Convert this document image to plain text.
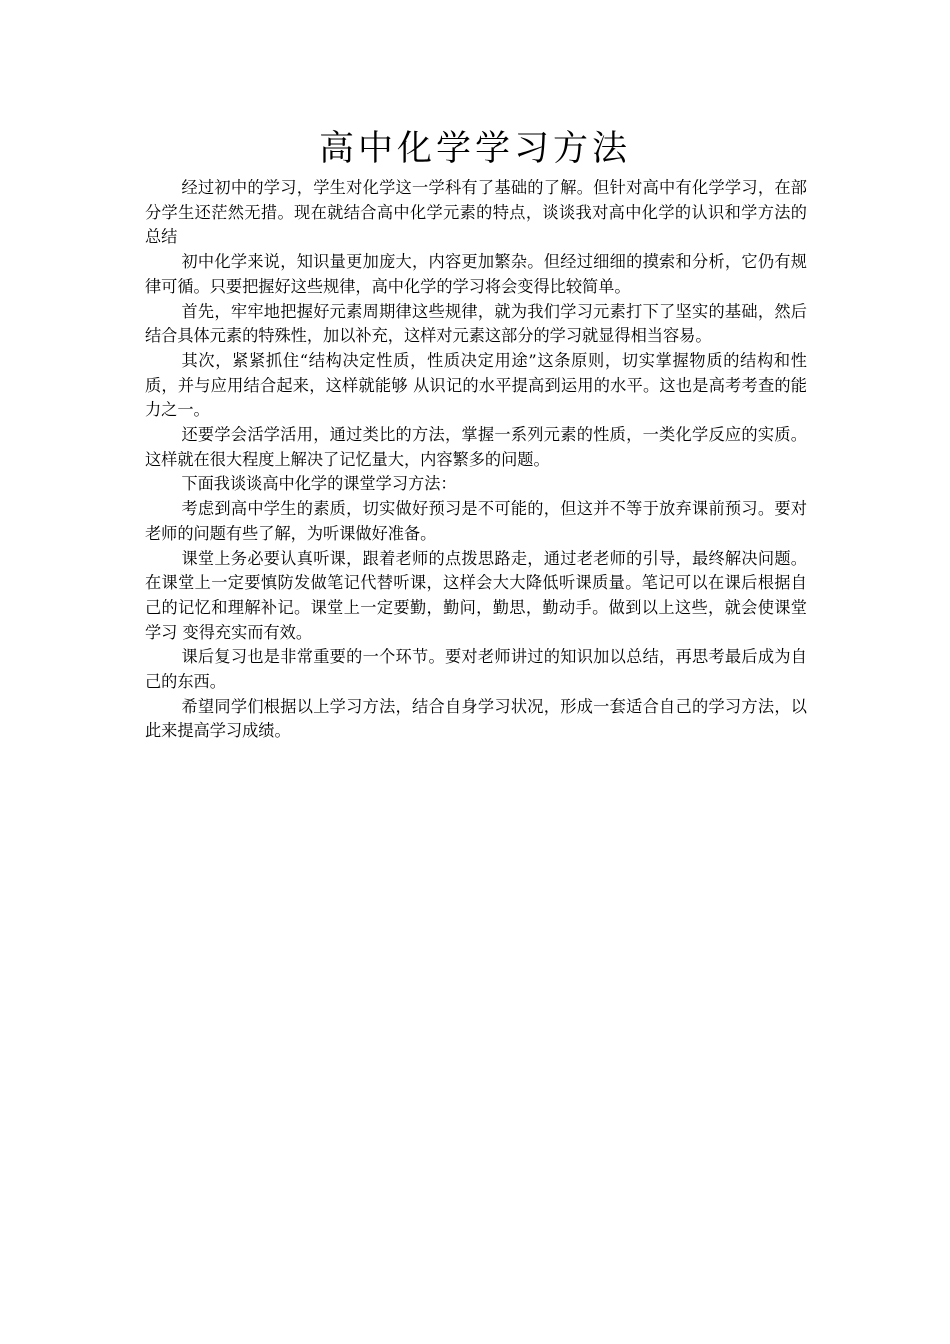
高中化学学习方法

经过初中的学习，学生对化学这一学科有了基础的了解。但针对高中有化学学习，在部分学生还茫然无措。现在就结合高中化学元素的特点，谈谈我对高中化学的认识和学方法的总结

初中化学来说，知识量更加庞大，内容更加繁杂。但经过细细的摸索和分析，它仍有规律可循。只要把握好这些规律，高中化学的学习将会变得比较简单。

首先，牢牢地把握好元素周期律这些规律，就为我们学习元素打下了坚实的基础，然后结合具体元素的特殊性，加以补充，这样对元素这部分的学习就显得相当容易。

其次，紧紧抓住“结构决定性质，性质决定用途”这条原则，切实掌握物质的结构和性质，并与应用结合起来，这样就能够 从识记的水平提高到运用的水平。这也是高考考查的能力之一。

还要学会活学活用，通过类比的方法，掌握一系列元素的性质，一类化学反应的实质。这样就在很大程度上解决了记忆量大，内容繁多的问题。

下面我谈谈高中化学的课堂学习方法：

考虑到高中学生的素质，切实做好预习是不可能的，但这并不等于放弃课前预习。要对老师的问题有些了解，为听课做好准备。

课堂上务必要认真听课，跟着老师的点拨思路走，通过老老师的引导，最终解决问题。在课堂上一定要慎防发做笔记代替听课，这样会大大降低听课质量。笔记可以在课后根据自己的记忆和理解补记。课堂上一定要勤，勤问，勤思，勤动手。做到以上这些，就会使课堂学习 变得充实而有效。

课后复习也是非常重要的一个环节。要对老师讲过的知识加以总结，再思考最后成为自己的东西。

希望同学们根据以上学习方法，结合自身学习状况，形成一套适合自己的学习方法，以此来提高学习成绩。
